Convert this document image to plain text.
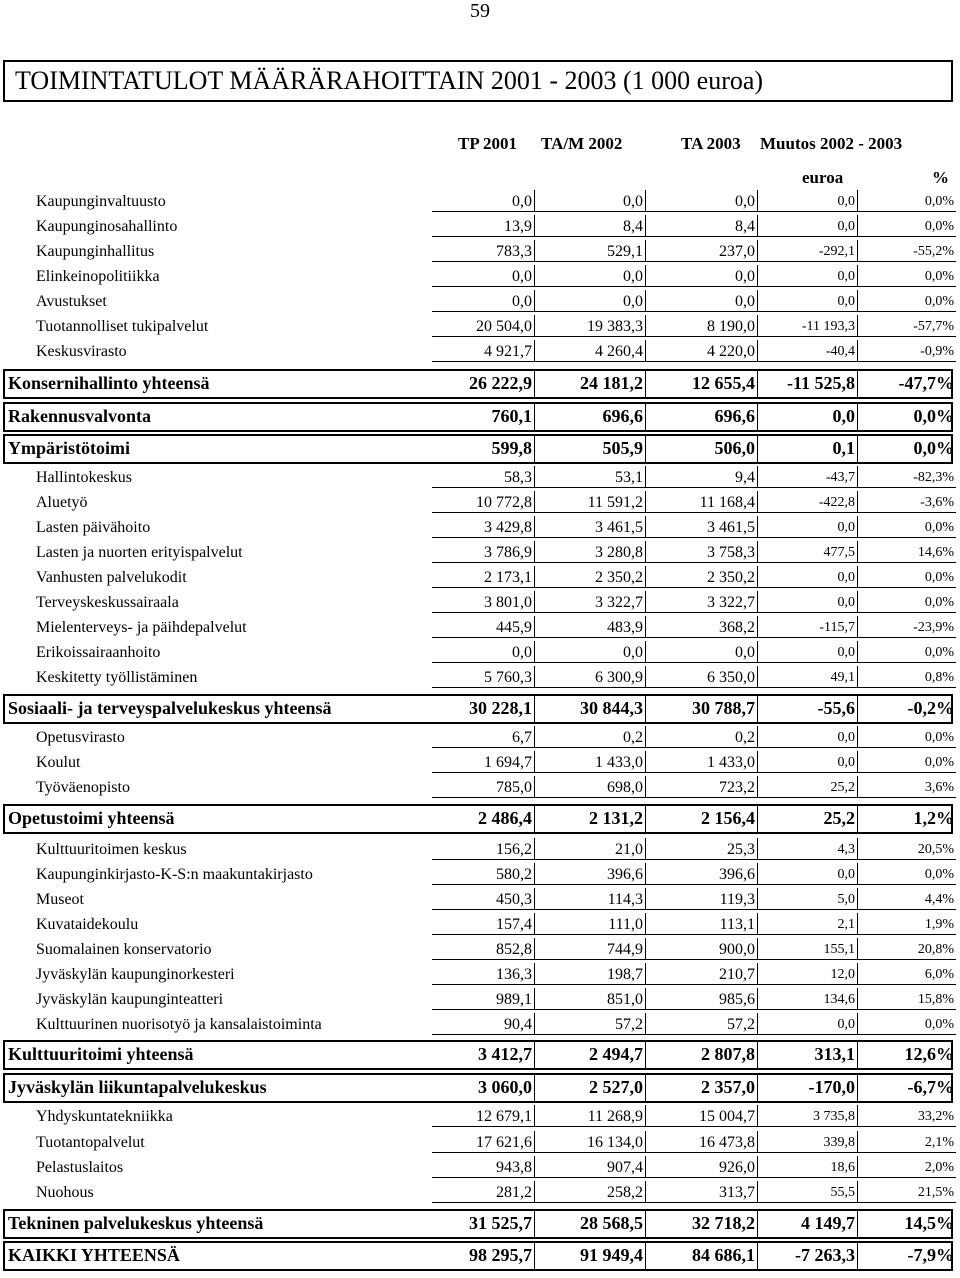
59
TOIMINTATULOT MÄÄRÄRAHOITTAIN 2001 - 2003 (1 000 euroa)
TP 2001 TA/M 2002	TA 2003 Muutos 2002 - 2003
euroa	%
Kaupunginvaltuusto	0,0	0,0	0,0	0,0	0,0%
Kaupunginosahallinto	13,9	8,4	8,4	0,0	0,0%
Kaupunginhallitus	783,3	529,1	237,0	-292,1	-55,2%
Elinkeinopolitiikka	0,0	0,0	0,0	0,0	0,0%
Avustukset	0,0	0,0	0,0	0,0	0,0%
Tuotannolliset tukipalvelut	20 504,0	19 383,3	8 190,0	-11 193,3	-57,7%
Keskusvirasto	4 921,7	4 260,4	4 220,0	-40,4	-0,9%
Konsernihallinto yhteensä	26 222,9	24 181,2	12 655,4	-11 525,8	-47,7%
Rakennusvalvonta	760,1	696,6	696,6	0,0	0,0%
Ympäristötoimi	599,8	505,9	506,0	0,1	0,0%
Hallintokeskus	58,3	53,1	9,4	-43,7	-82,3%
Aluetyö	10 772,8	11 591,2	11 168,4	-422,8	-3,6%
Lasten päivähoito	3 429,8	3 461,5	3 461,5	0,0	0,0%
Lasten ja nuorten erityispalvelut	3 786,9	3 280,8	3 758,3	477,5	14,6%
Vanhusten palvelukodit	2 173,1	2 350,2	2 350,2	0,0	0,0%
Terveyskeskussairaala	3 801,0	3 322,7	3 322,7	0,0	0,0%
Mielenterveys- ja päihdepalvelut	445,9	483,9	368,2	-115,7	-23,9%
Erikoissairaanhoito	0,0	0,0	0,0	0,0	0,0%
Keskitetty työllistäminen	5 760,3	6 300,9	6 350,0	49,1	0,8%
Sosiaali- ja terveyspalvelukeskus yhteensä	30 228,1	30 844,3	30 788,7	-55,6	-0,2%
Opetusvirasto	6,7	0,2	0,2	0,0	0,0%
Koulut	1 694,7	1 433,0	1 433,0	0,0	0,0%
Työväenopisto	785,0	698,0	723,2	25,2	3,6%
Opetustoimi yhteensä	2 486,4	2 131,2	2 156,4	25,2	1,2%
Kulttuuritoimen keskus	156,2	21,0	25,3	4,3	20,5%
Kaupunginkirjasto-K-S:n maakuntakirjasto	580,2	396,6	396,6	0,0	0,0%
Museot	450,3	114,3	119,3	5,0	4,4%
Kuvataidekoulu	157,4	111,0	113,1	2,1	1,9%
Suomalainen konservatorio	852,8	744,9	900,0	155,1	20,8%
Jyväskylän kaupunginorkesteri	136,3	198,7	210,7	12,0	6,0%
Jyväskylän kaupunginteatteri	989,1	851,0	985,6	134,6	15,8%
Kulttuurinen nuorisotyö ja kansalaistoiminta	90,4	57,2	57,2	0,0	0,0%
Kulttuuritoimi yhteensä	3 412,7	2 494,7	2 807,8	313,1	12,6%
Jyväskylän liikuntapalvelukeskus	3 060,0	2 527,0	2 357,0	-170,0	-6,7%
Yhdyskuntatekniikka	12 679,1	11 268,9	15 004,7	3 735,8	33,2%
Tuotantopalvelut	17 621,6	16 134,0	16 473,8	339,8	2,1%
Pelastuslaitos	943,8	907,4	926,0	18,6	2,0%
Nuohous	281,2	258,2	313,7	55,5	21,5%
Tekninen palvelukeskus yhteensä	31 525,7	28 568,5	32 718,2	4 149,7	14,5%
KAIKKI YHTEENSÄ	98 295,7	91 949,4	84 686,1	-7 263,3	-7,9%
